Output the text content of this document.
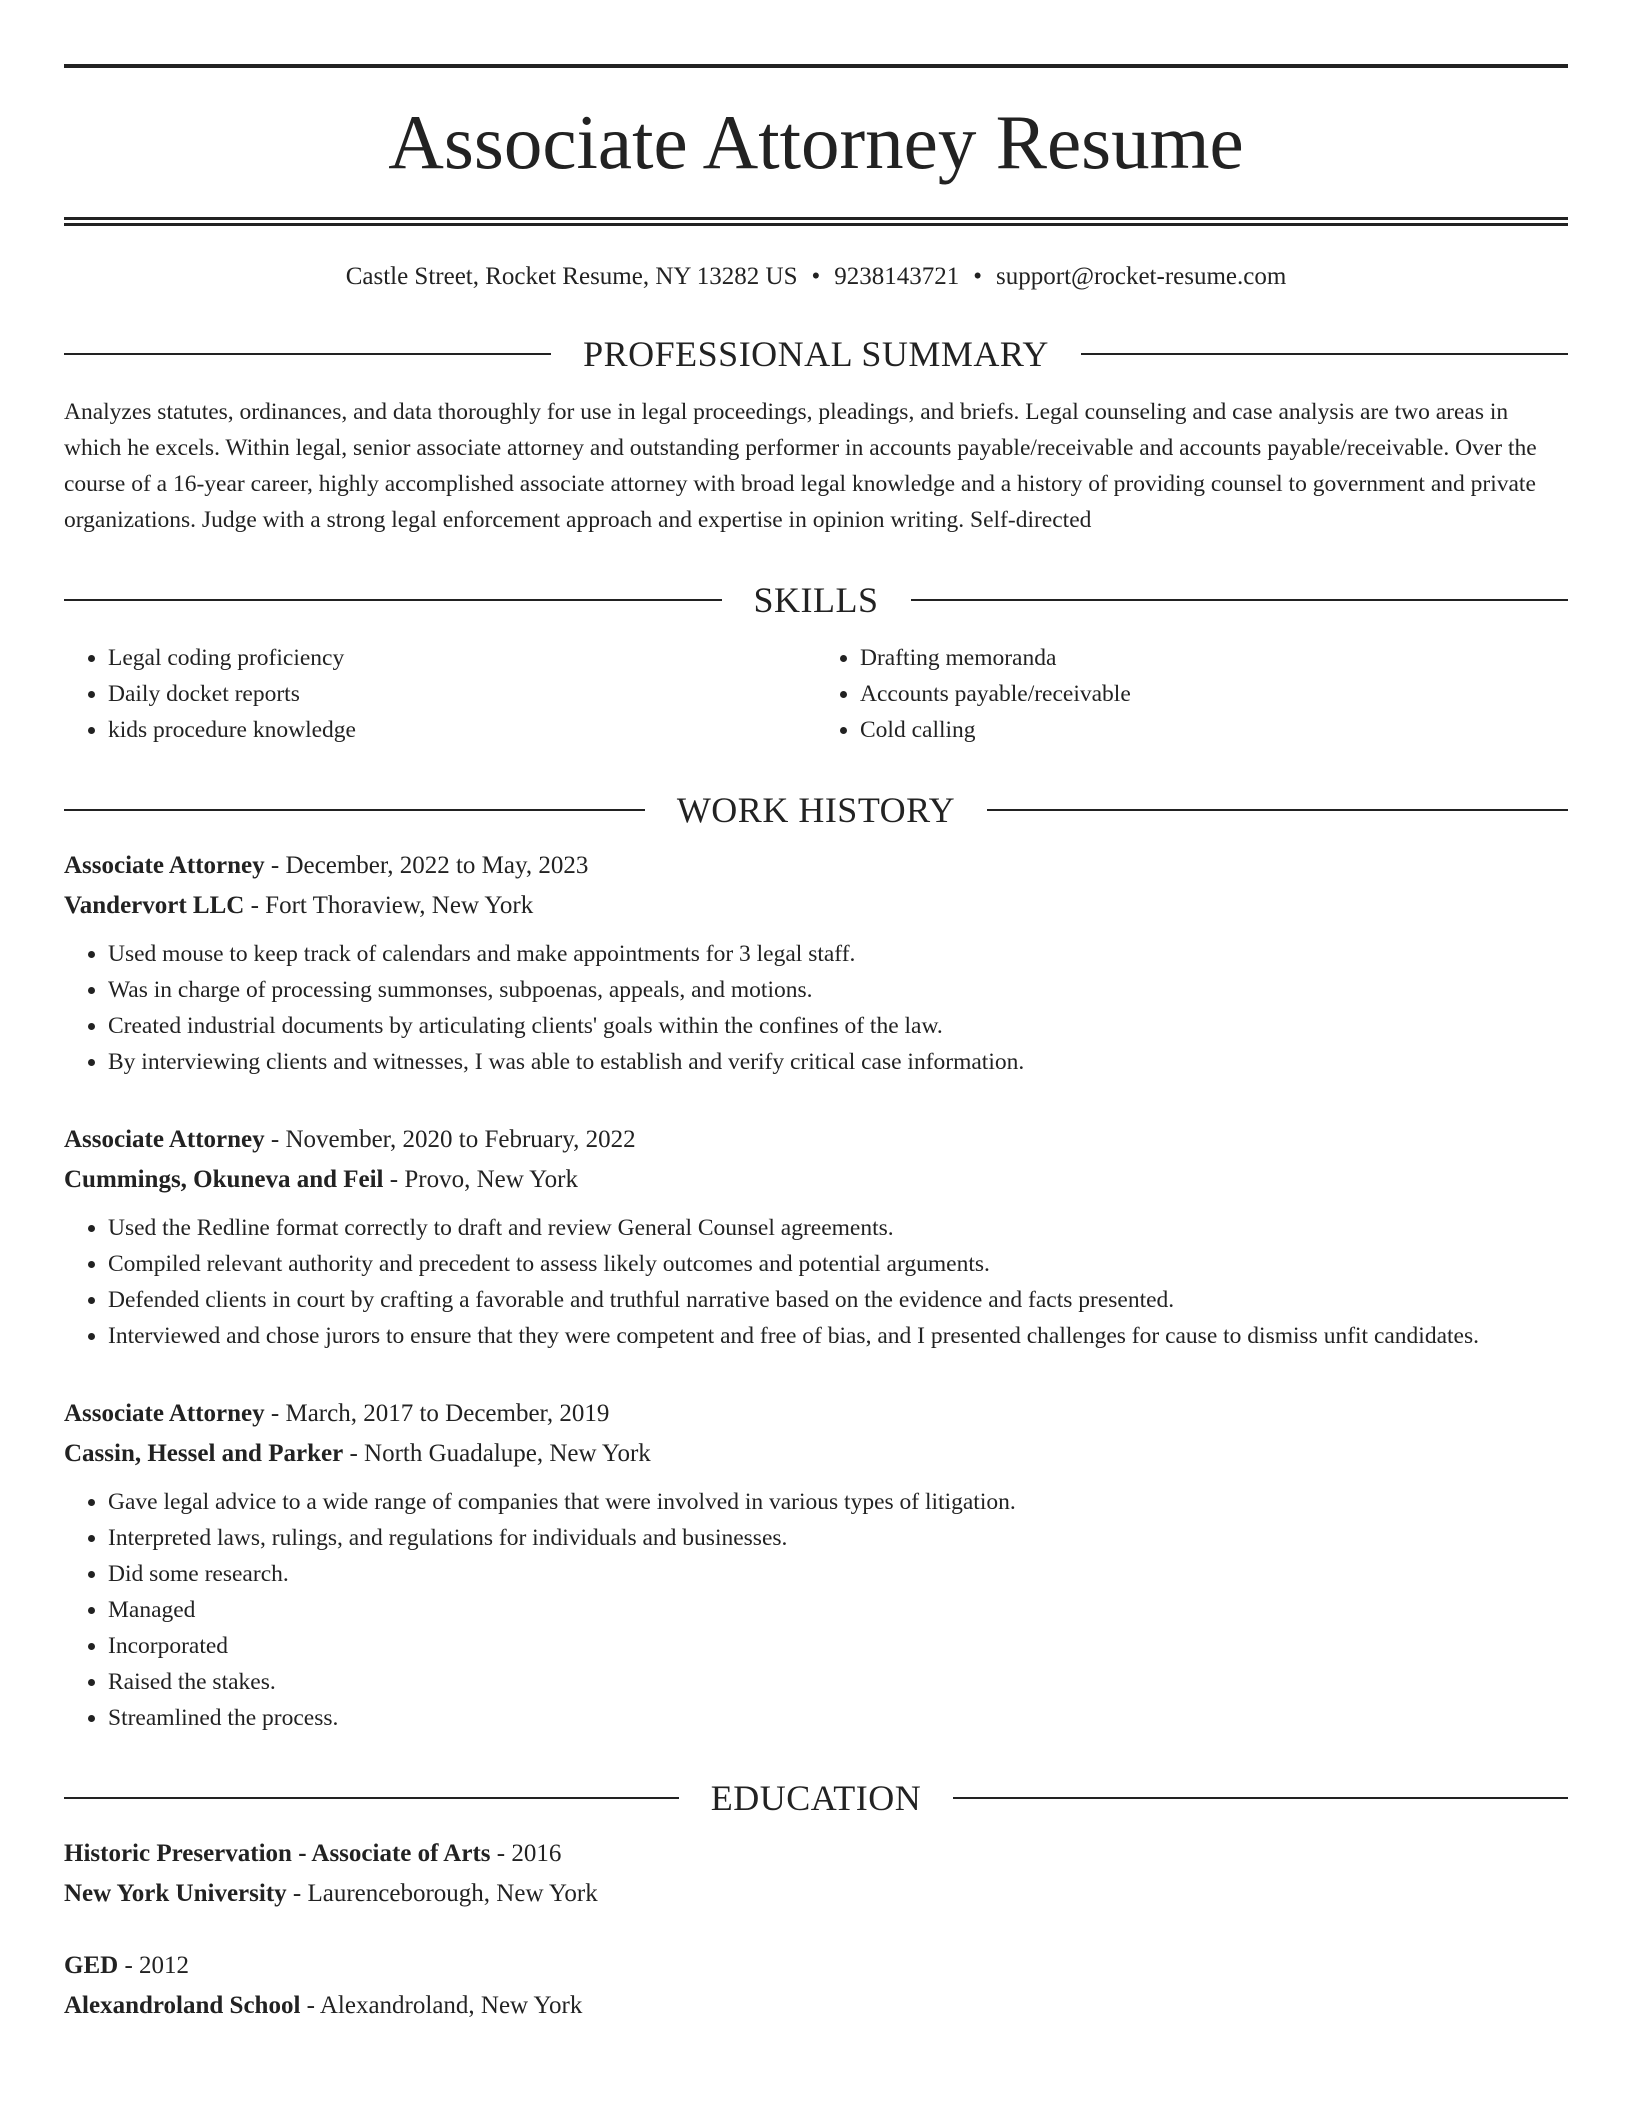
Associate Attorney Resume
Castle Street, Rocket Resume, NY 13282 US • 9238143721 • support@rocket-resume.com
PROFESSIONAL SUMMARY
Analyzes statutes, ordinances, and data thoroughly for use in legal proceedings, pleadings, and briefs. Legal counseling and case analysis are two areas in which he excels. Within legal, senior associate attorney and outstanding performer in accounts payable/receivable and accounts payable/receivable. Over the course of a 16-year career, highly accomplished associate attorney with broad legal knowledge and a history of providing counsel to government and private organizations. Judge with a strong legal enforcement approach and expertise in opinion writing. Self-directed
SKILLS
• Legal coding proficiency
• Daily docket reports
• kids procedure knowledge
• Drafting memoranda
• Accounts payable/receivable
• Cold calling
WORK HISTORY
Associate Attorney - December, 2022 to May, 2023
Vandervort LLC - Fort Thoraview, New York
• Used mouse to keep track of calendars and make appointments for 3 legal staff.
• Was in charge of processing summonses, subpoenas, appeals, and motions.
• Created industrial documents by articulating clients' goals within the confines of the law.
• By interviewing clients and witnesses, I was able to establish and verify critical case information.
Associate Attorney - November, 2020 to February, 2022
Cummings, Okuneva and Feil - Provo, New York
• Used the Redline format correctly to draft and review General Counsel agreements.
• Compiled relevant authority and precedent to assess likely outcomes and potential arguments.
• Defended clients in court by crafting a favorable and truthful narrative based on the evidence and facts presented.
• Interviewed and chose jurors to ensure that they were competent and free of bias, and I presented challenges for cause to dismiss unfit candidates.
Associate Attorney - March, 2017 to December, 2019
Cassin, Hessel and Parker - North Guadalupe, New York
• Gave legal advice to a wide range of companies that were involved in various types of litigation.
• Interpreted laws, rulings, and regulations for individuals and businesses.
• Did some research.
• Managed
• Incorporated
• Raised the stakes.
• Streamlined the process.
EDUCATION
Historic Preservation - Associate of Arts - 2016
New York University - Laurenceborough, New York
GED - 2012
Alexandroland School - Alexandroland, New York
